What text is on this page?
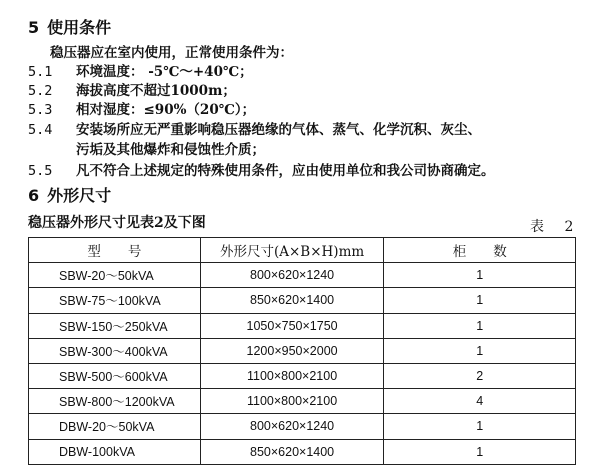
5 使用条件
稳压器应在室内使用，正常使用条件为：
5.1 环境温度： -5℃～+40℃；
5.2 海拔高度不超过1000m；
5.3 相对湿度：≤90%（20℃）；
5.4 安装场所应无严重影响稳压器绝缘的气体、蒸气、化学沉积、灰尘、
污垢及其他爆炸和侵蚀性介质；
5.5 凡不符合上述规定的特殊使用条件，应由使用单位和我公司协商确定。
6 外形尺寸
稳压器外形尺寸见表2及下图	表 2
型　　号	外形尺寸(A×B×H)mm	柜　　数
SBW-20～50kVA	800×620×1240	1
SBW-75～100kVA	850×620×1400	1
SBW-150～250kVA	1050×750×1750	1
SBW-300～400kVA	1200×950×2000	1
SBW-500～600kVA	1100×800×2100	2
SBW-800～1200kVA	1100×800×2100	4
DBW-20～50kVA	800×620×1240	1
DBW-100kVA	850×620×1400	1
